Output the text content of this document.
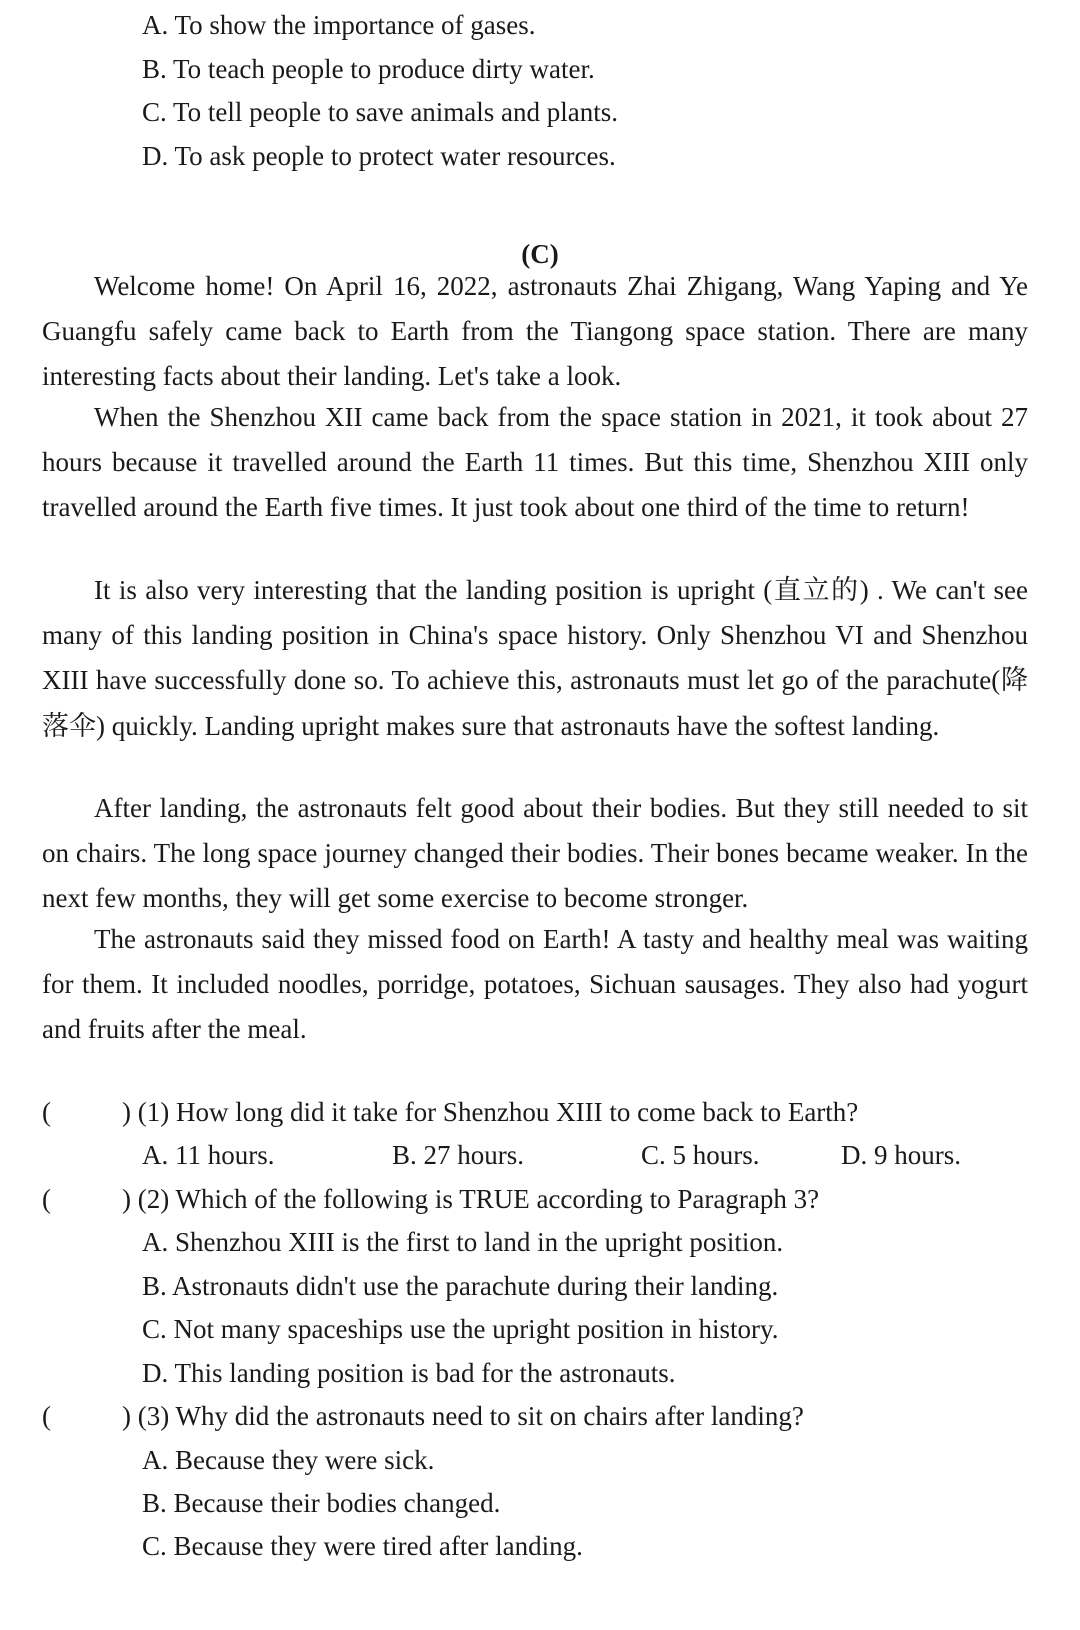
A. To show the importance of gases.
B. To teach people to produce dirty water.
C. To tell people to save animals and plants.
D. To ask people to protect water resources.
(C)

Welcome home! On April 16, 2022, astronauts Zhai Zhigang, Wang Yaping and Ye Guangfu safely came back to Earth from the Tiangong space station. There are many interesting facts about their landing. Let's take a look.

When the Shenzhou XII came back from the space station in 2021, it took about 27 hours because it travelled around the Earth 11 times. But this time, Shenzhou XIII only travelled around the Earth five times. It just took about one third of the time to return!

It is also very interesting that the landing position is upright (直立的) . We can't see many of this landing position in China's space history. Only Shenzhou VI and Shenzhou XIII have successfully done so. To achieve this, astronauts must let go of the parachute(降落伞) quickly. Landing upright makes sure that astronauts have the softest landing.

After landing, the astronauts felt good about their bodies. But they still needed to sit on chairs. The long space journey changed their bodies. Their bones became weaker. In the next few months, they will get some exercise to become stronger.

The astronauts said they missed food on Earth! A tasty and healthy meal was waiting for them. It included noodles, porridge, potatoes, Sichuan sausages. They also had yogurt and fruits after the meal.

(	) (1) How long did it take for Shenzhou XIII to come back to Earth?
A. 11 hours.	B. 27 hours.	C. 5 hours.	D. 9 hours.
(	) (2) Which of the following is TRUE according to Paragraph 3?
A. Shenzhou XIII is the first to land in the upright position.
B. Astronauts didn't use the parachute during their landing.
C. Not many spaceships use the upright position in history.
D. This landing position is bad for the astronauts.
(	) (3) Why did the astronauts need to sit on chairs after landing?
A. Because they were sick.
B. Because their bodies changed.
C. Because they were tired after landing.
